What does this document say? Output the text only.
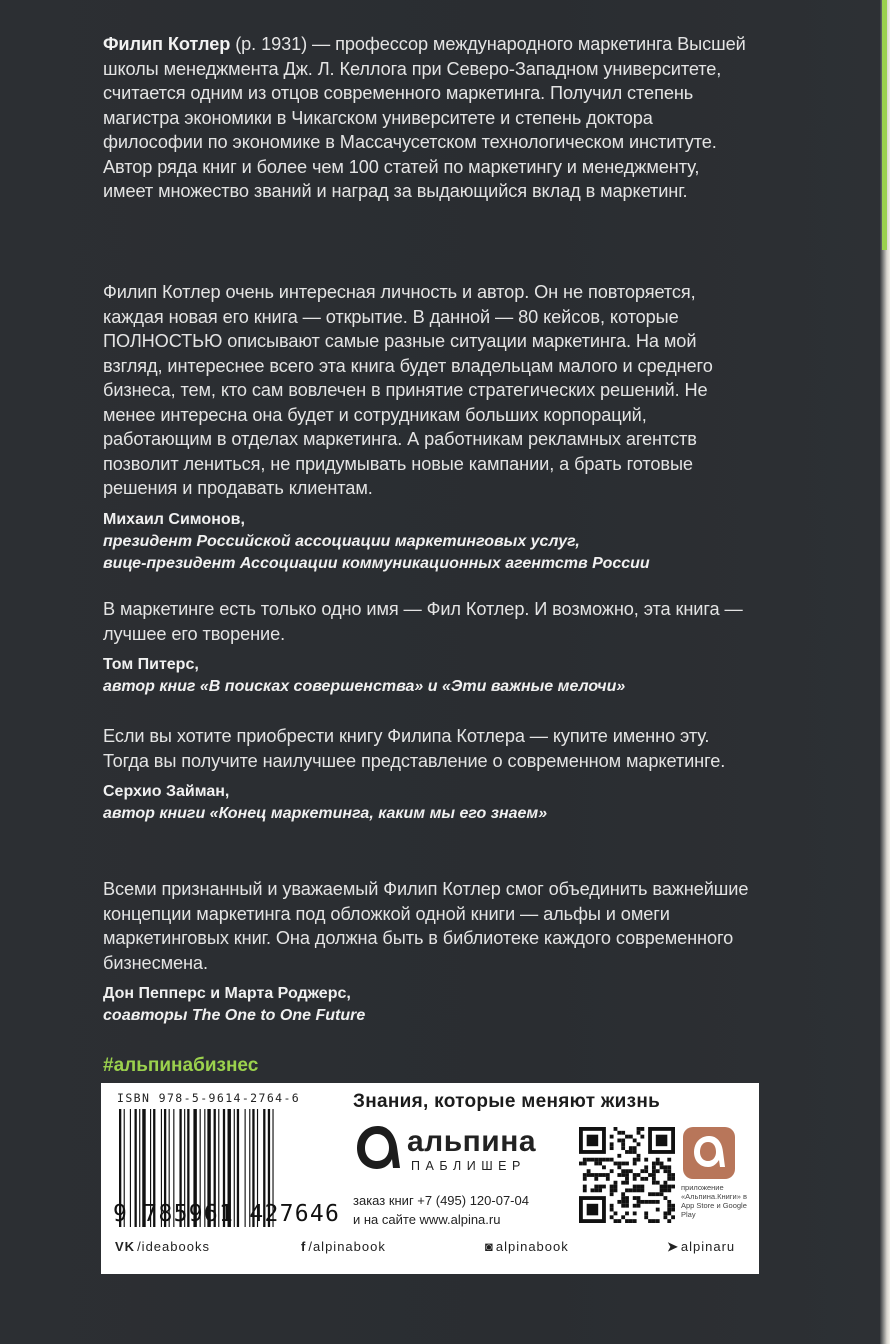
Филип Котлер (р. 1931) — профессор международного маркетинга Высшей школы менеджмента Дж. Л. Келлога при Северо-Западном университете, считается одним из отцов современного маркетинга. Получил степень магистра экономики в Чикагском университете и степень доктора философии по экономике в Массачусетском технологическом институте. Автор ряда книг и более чем 100 статей по маркетингу и менеджменту, имеет множество званий и наград за выдающийся вклад в маркетинг.

Филип Котлер очень интересная личность и автор. Он не повторяется, каждая новая его книга — открытие. В данной — 80 кейсов, которые ПОЛНОСТЬЮ описывают самые разные ситуации маркетинга. На мой взгляд, интереснее всего эта книга будет владельцам малого и среднего бизнеса, тем, кто сам вовлечен в принятие стратегических решений. Не менее интересна она будет и сотрудникам больших корпораций, работающим в отделах маркетинга. А работникам рекламных агентств позволит лениться, не придумывать новые кампании, а брать готовые решения и продавать клиентам.

Михаил Симонов,
президент Российской ассоциации маркетинговых услуг,
вице-президент Ассоциации коммуникационных агентств России

В маркетинге есть только одно имя — Фил Котлер. И возможно, эта книга — лучшее его творение.

Том Питерс,
автор книг «В поисках совершенства» и «Эти важные мелочи»

Если вы хотите приобрести книгу Филипа Котлера — купите именно эту. Тогда вы получите наилучшее представление о современном маркетинге.

Серхио Займан,
автор книги «Конец маркетинга, каким мы его знаем»

Всеми признанный и уважаемый Филип Котлер смог объединить важнейшие концепции маркетинга под обложкой одной книги — альфы и омеги маркетинговых книг. Она должна быть в библиотеке каждого современного бизнесмена.

Дон Пепперс и Марта Роджерс,
соавторы The One to One Future
#альпинабизнес
ISBN 978-5-9614-2764-6
9 785961 427646
Знания, которые меняют жизнь
альпина
ПАБЛИШЕР
заказ книг +7 (495) 120-07-04
и на сайте www.alpina.ru
приложение «Альпина.Книги» в App Store и Google Play
VK /ideabooks	f /alpinabook	◙ alpinabook	➤ alpinaru
